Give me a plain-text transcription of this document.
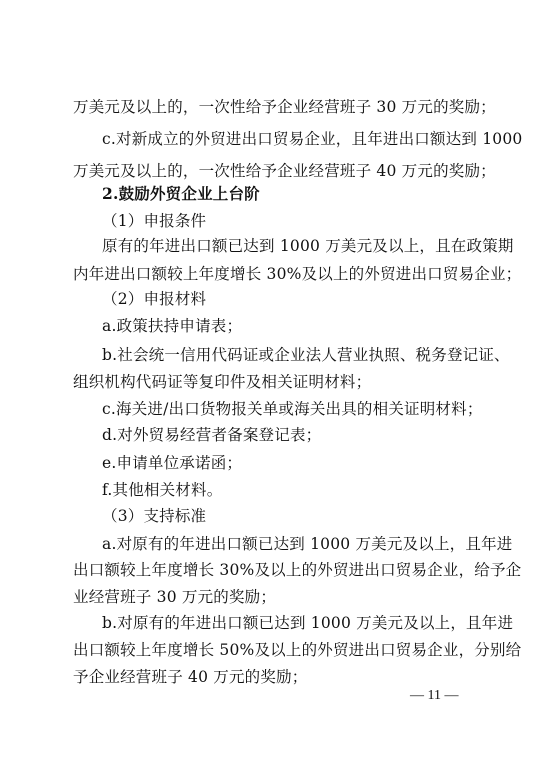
万美元及以上的，一次性给予企业经营班子 30 万元的奖励；
c.对新成立的外贸进出口贸易企业，且年进出口额达到 1000
万美元及以上的，一次性给予企业经营班子 40 万元的奖励；
2.鼓励外贸企业上台阶
（1）申报条件
原有的年进出口额已达到 1000 万美元及以上，且在政策期
内年进出口额较上年度增长 30%及以上的外贸进出口贸易企业；
（2）申报材料
a.政策扶持申请表；
b.社会统一信用代码证或企业法人营业执照、税务登记证、
组织机构代码证等复印件及相关证明材料；
c.海关进/出口货物报关单或海关出具的相关证明材料；
d.对外贸易经营者备案登记表；
e.申请单位承诺函；
f.其他相关材料。
（3）支持标准
a.对原有的年进出口额已达到 1000 万美元及以上，且年进
出口额较上年度增长 30%及以上的外贸进出口贸易企业，给予企
业经营班子 30 万元的奖励；
b.对原有的年进出口额已达到 1000 万美元及以上，且年进
出口额较上年度增长 50%及以上的外贸进出口贸易企业，分别给
予企业经营班子 40 万元的奖励；
— 11 —
